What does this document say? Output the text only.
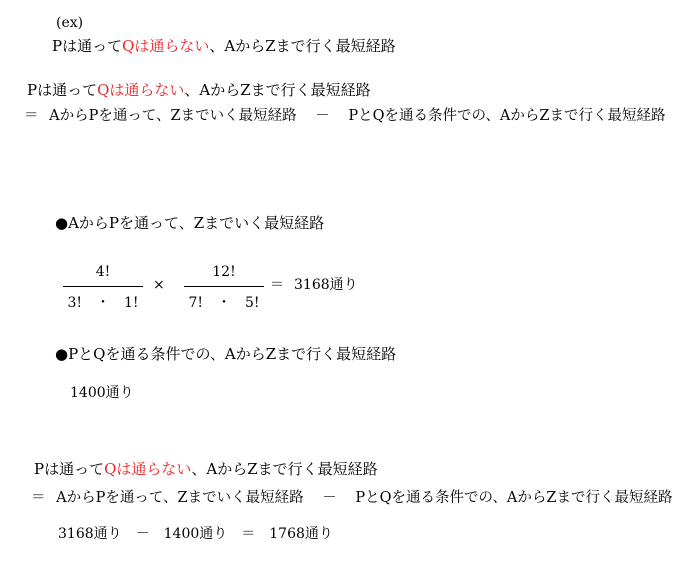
(ex)
Pは通ってQは通らない、AからZまで行く最短経路
Pは通ってQは通らない、AからZまで行く最短経路
＝ AからPを通って、Zまでいく最短経路 － PとQを通る条件での、AからZまで行く最短経路
●AからPを通って、Zまでいく最短経路
4!
3!　・　1!
×
12!
7!　・　5!
＝ 3168通り
●PとQを通る条件での、AからZまで行く最短経路
1400通り
Pは通ってQは通らない、AからZまで行く最短経路
＝ AからPを通って、Zまでいく最短経路 － PとQを通る条件での、AからZまで行く最短経路
3168通り　－　1400通り　＝　1768通り
